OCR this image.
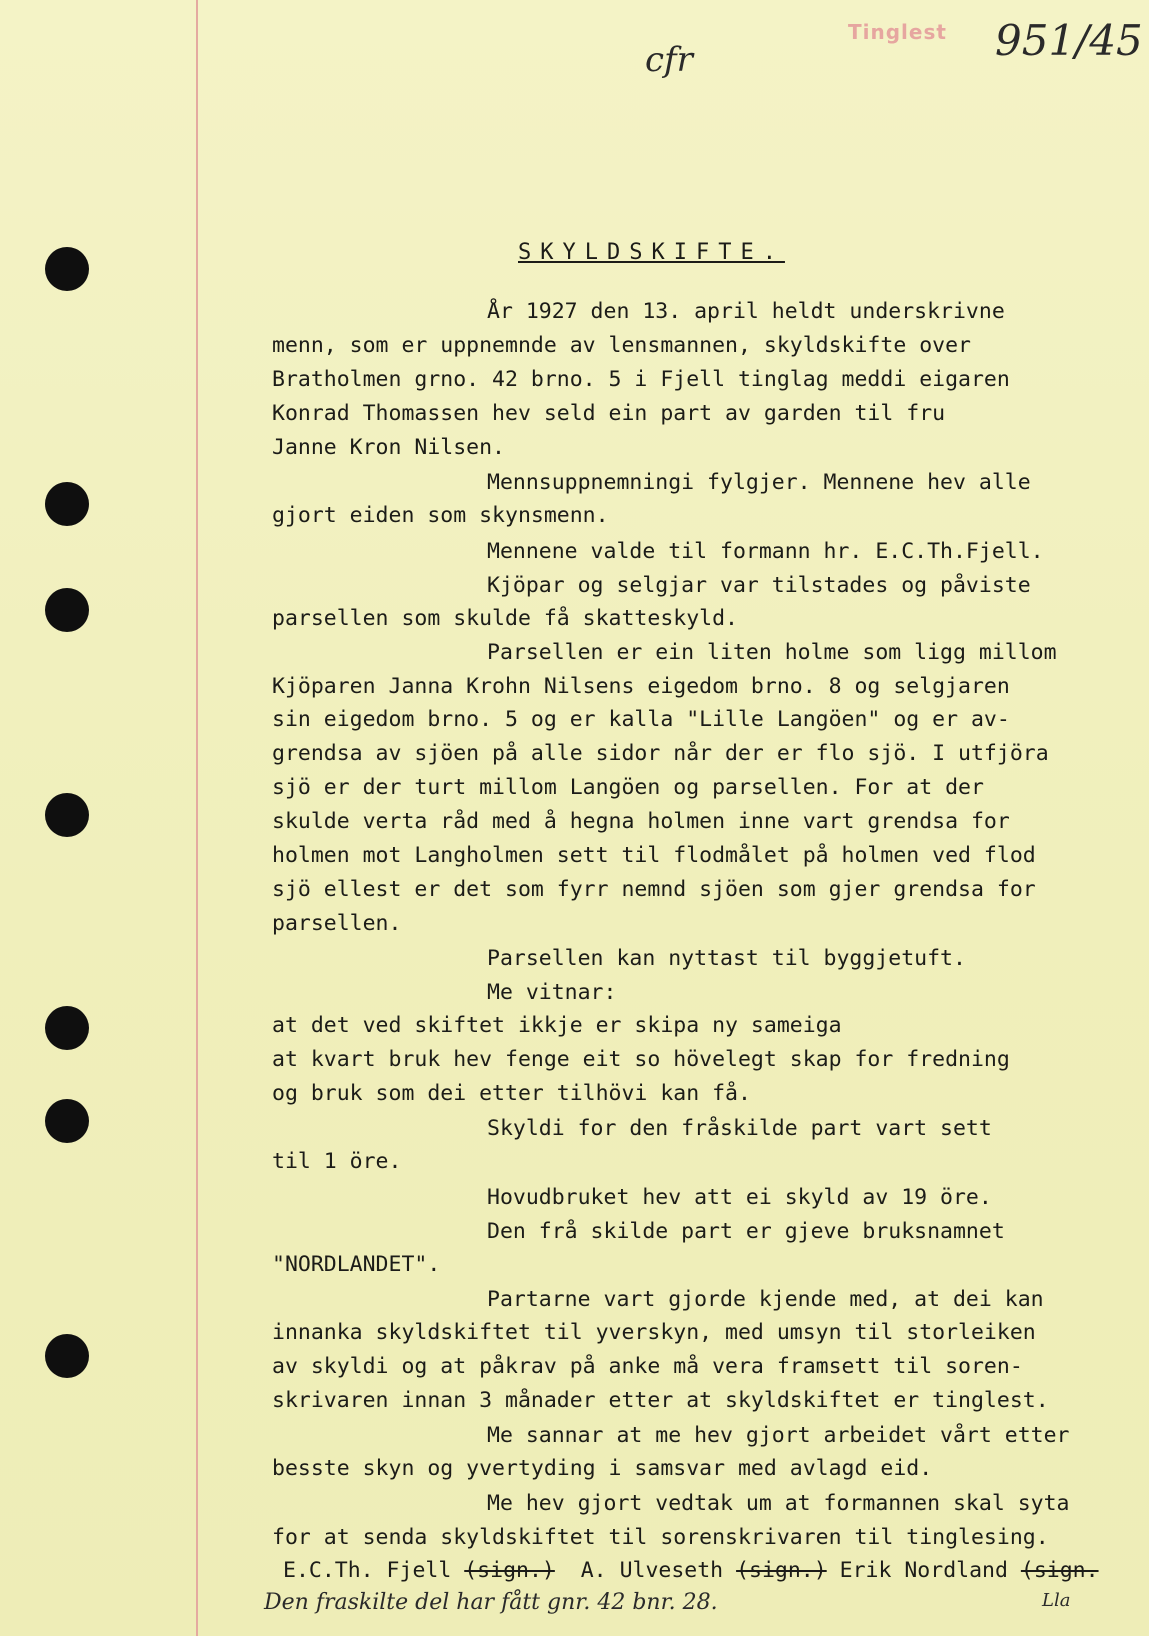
Tinglest 951/45
cfr
SKYLDSKIFTE.
År 1927 den 13. april heldt underskrivne
menn, som er uppnemnde av lensmannen, skyldskifte over
Bratholmen grno. 42 brno. 5 i Fjell tinglag meddi eigaren
Konrad Thomassen hev seld ein part av garden til fru
Janne Kron Nilsen.
Mennsuppnemningi fylgjer. Mennene hev alle
gjort eiden som skynsmenn.
Mennene valde til formann hr. E.C.Th.Fjell.
Kjöpar og selgjar var tilstades og påviste
parsellen som skulde få skatteskyld.
Parsellen er ein liten holme som ligg millom
Kjöparen Janna Krohn Nilsens eigedom brno. 8 og selgjaren
sin eigedom brno. 5 og er kalla "Lille Langöen" og er av-
grendsa av sjöen på alle sidor når der er flo sjö. I utfjöra
sjö er der turt millom Langöen og parsellen. For at der
skulde verta råd med å hegna holmen inne vart grendsa for
holmen mot Langholmen sett til flodmålet på holmen ved flod
sjö ellest er det som fyrr nemnd sjöen som gjer grendsa for
parsellen.
Parsellen kan nyttast til byggjetuft.
Me vitnar:
at det ved skiftet ikkje er skipa ny sameiga
at kvart bruk hev fenge eit so hövelegt skap for fredning
og bruk som dei etter tilhövi kan få.
Skyldi for den fråskilde part vart sett
til 1 öre.
Hovudbruket hev att ei skyld av 19 öre.
Den frå skilde part er gjeve bruksnamnet
"NORDLANDET".
Partarne vart gjorde kjende med, at dei kan
innanka skyldskiftet til yverskyn, med umsyn til storleiken
av skyldi og at påkrav på anke må vera framsett til soren-
skrivaren innan 3 månader etter at skyldskiftet er tinglest.
Me sannar at me hev gjort arbeidet vårt etter
besste skyn og yvertyding i samsvar med avlagd eid.
Me hev gjort vedtak um at formannen skal syta
for at senda skyldskiftet til sorenskrivaren til tinglesing.
E.C.Th. Fjell (sign.) A. Ulveseth (sign.) Erik Nordland (sign.
Den fraskilte del har fått gnr. 42 bnr. 28.	Lla
